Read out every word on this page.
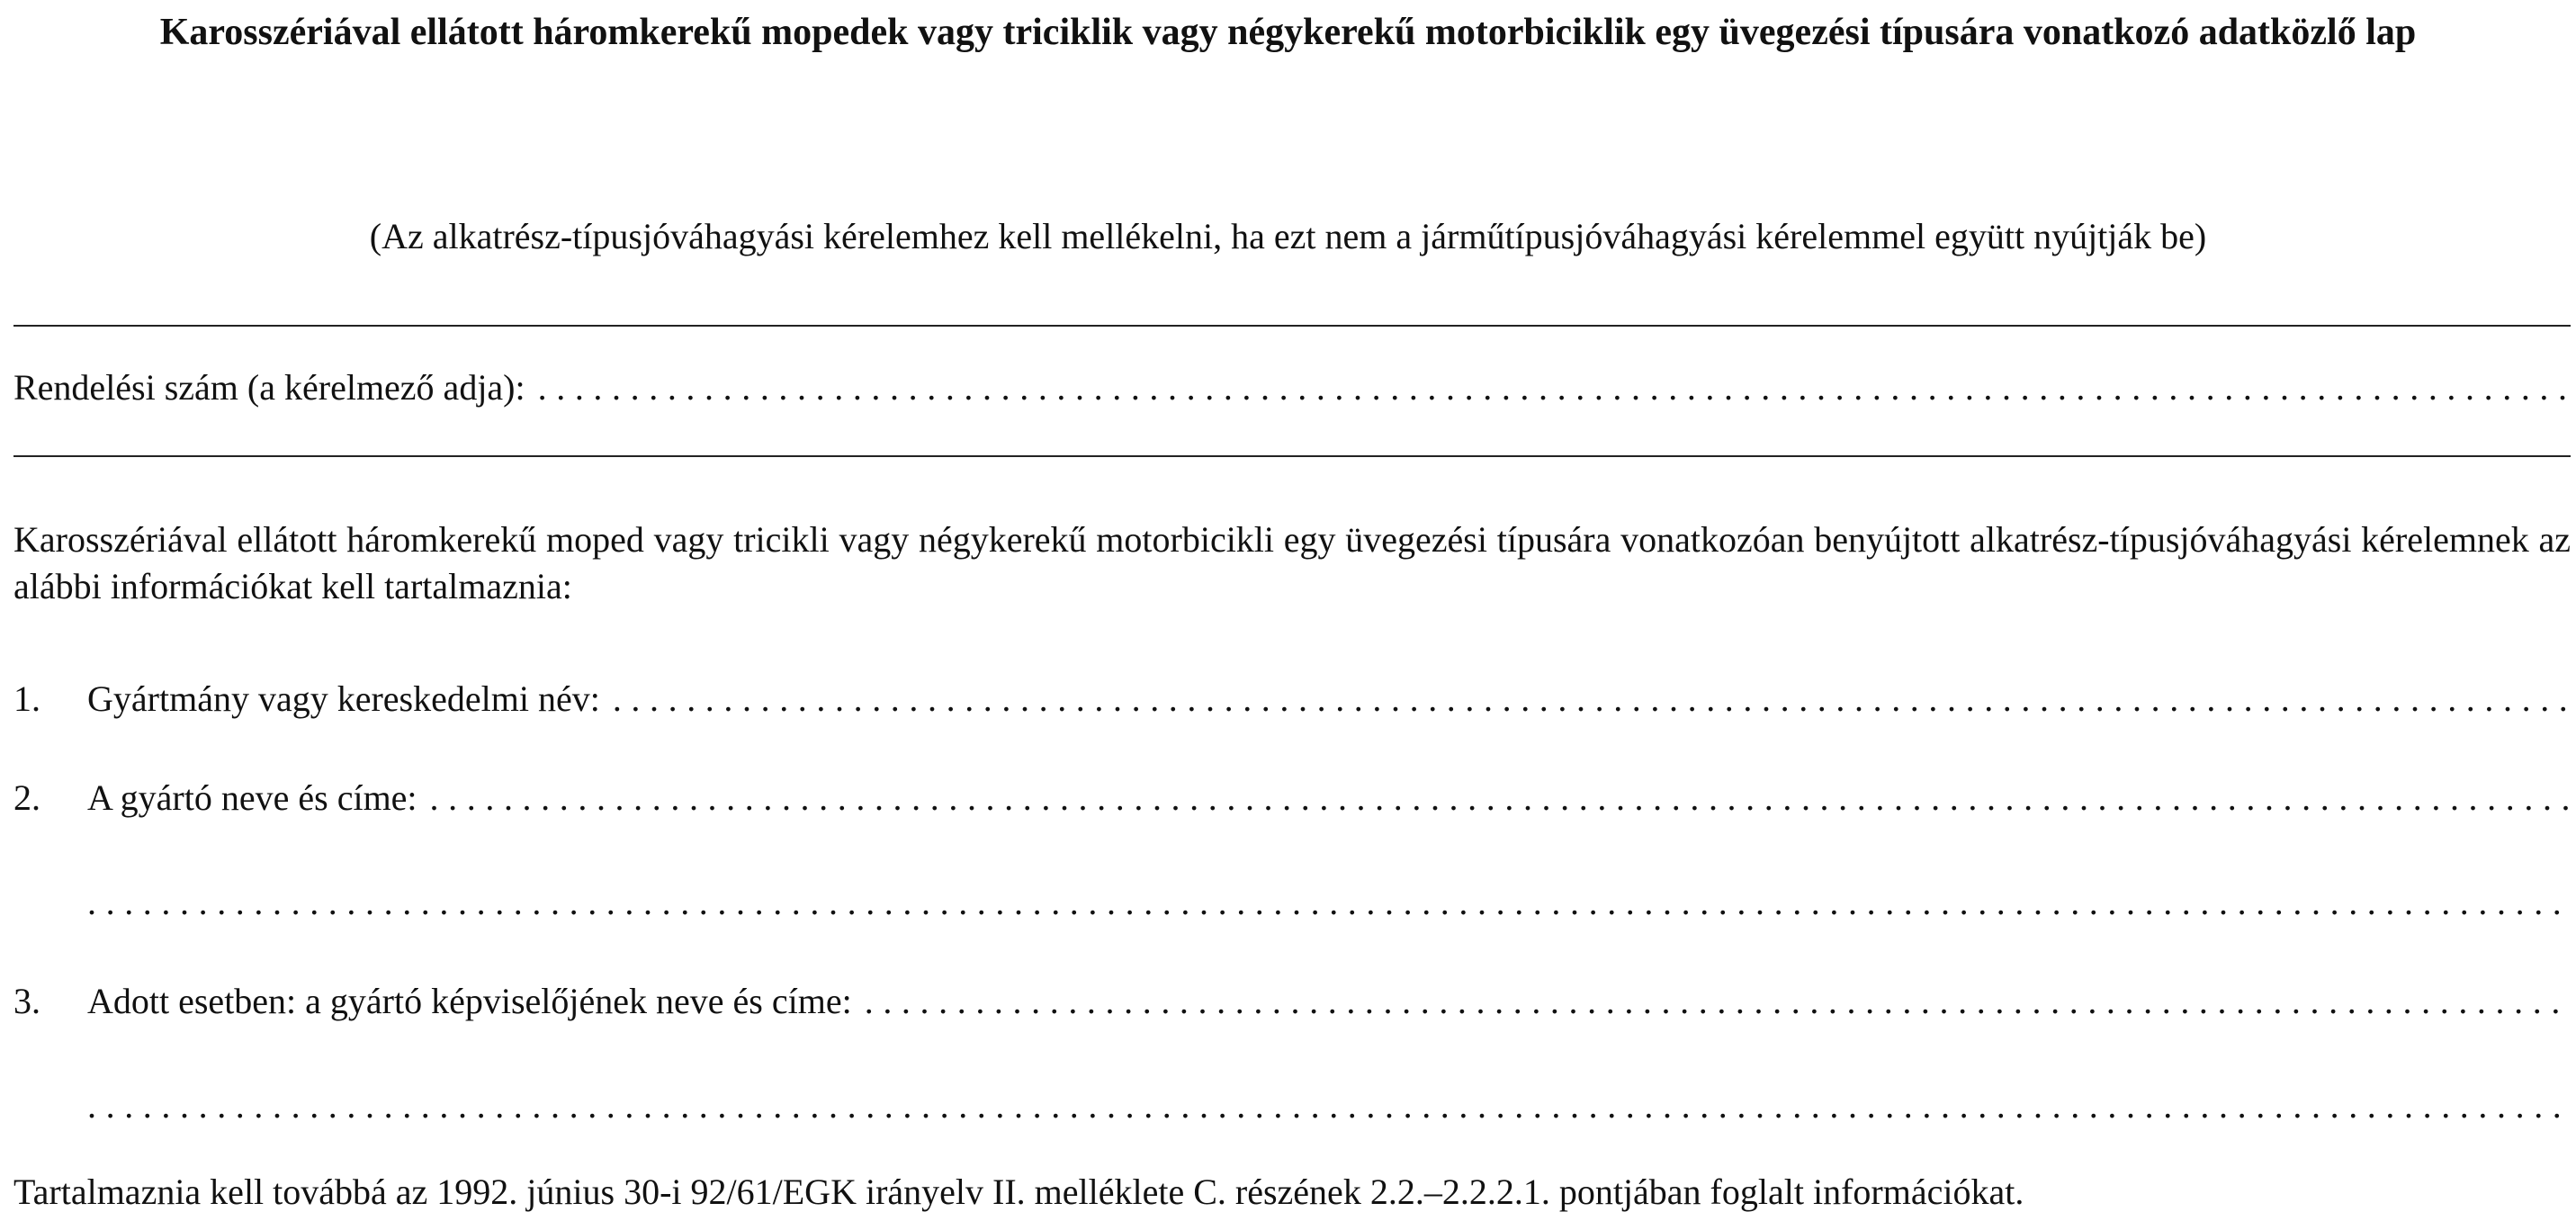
Karosszériával ellátott háromkerekű mopedek vagy triciklik vagy négykerekű motorbiciklik egy üvegezési típusára vonatkozó adatközlő lap
(Az alkatrész-típusjóváhagyási kérelemhez kell mellékelni, ha ezt nem a járműtípusjóváhagyási kérelemmel együtt nyújtják be)
Rendelési szám (a kérelmező adja):
.....
Karosszériával ellátott háromkerekű moped vagy tricikli vagy négykerekű motorbicikli egy üvegezési típusára vonatkozóan benyújtott alkatrész-típusjóváhagyási kérelemnek az alábbi információkat kell tartalmaznia:
1.	Gyártmány vagy kereskedelmi név:
.....
2.	A gyártó neve és címe:
.....
.....
3.	Adott esetben: a gyártó képviselőjének neve és címe:
.....
.....
Tartalmaznia kell továbbá az 1992. június 30-i 92/61/EGK irányelv II. melléklete C. részének 2.2.–2.2.2.1. pontjában foglalt információkat.
